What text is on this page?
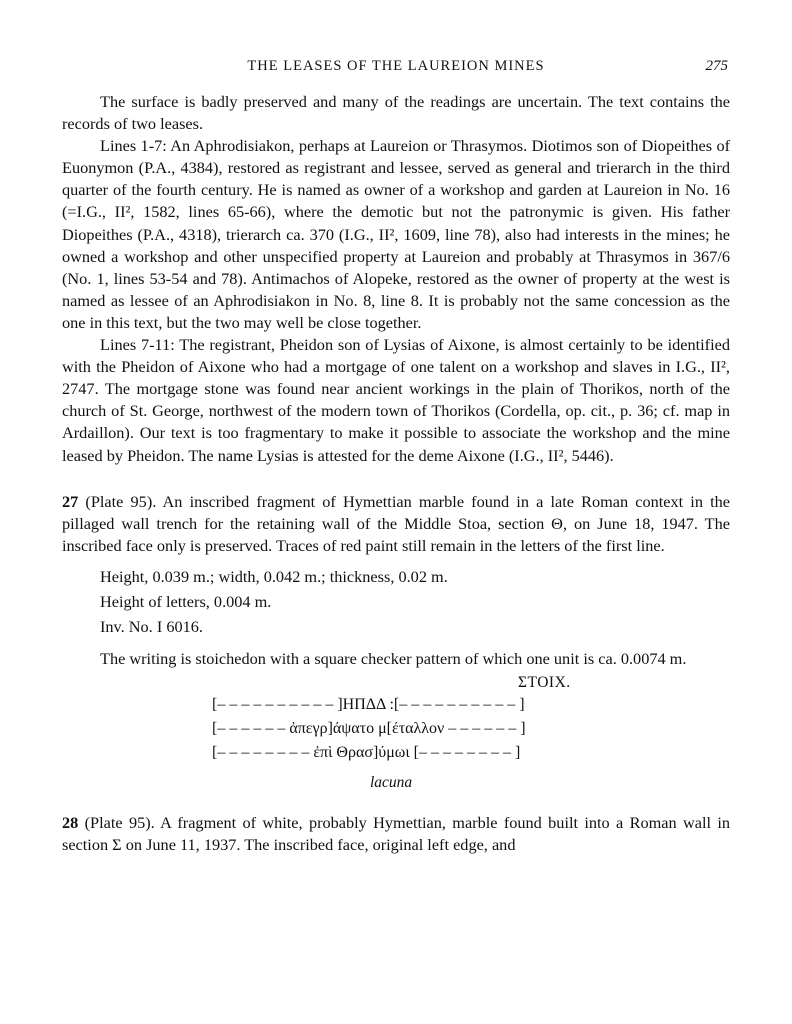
THE LEASES OF THE LAUREION MINES	275

The surface is badly preserved and many of the readings are uncertain. The text contains the records of two leases.

Lines 1-7: An Aphrodisiakon, perhaps at Laureion or Thrasymos. Diotimos son of Diopeithes of Euonymon (P.A., 4384), restored as registrant and lessee, served as general and trierarch in the third quarter of the fourth century. He is named as owner of a workshop and garden at Laureion in No. 16 (=I.G., II², 1582, lines 65-66), where the demotic but not the patronymic is given. His father Diopeithes (P.A., 4318), trierarch ca. 370 (I.G., II², 1609, line 78), also had interests in the mines; he owned a workshop and other unspecified property at Laureion and probably at Thrasymos in 367/6 (No. 1, lines 53-54 and 78). Antimachos of Alopeke, restored as the owner of property at the west is named as lessee of an Aphrodisiakon in No. 8, line 8. It is probably not the same concession as the one in this text, but the two may well be close together.

Lines 7-11: The registrant, Pheidon son of Lysias of Aixone, is almost certainly to be identified with the Pheidon of Aixone who had a mortgage of one talent on a workshop and slaves in I.G., II², 2747. The mortgage stone was found near ancient workings in the plain of Thorikos, north of the church of St. George, northwest of the modern town of Thorikos (Cordella, op. cit., p. 36; cf. map in Ardaillon). Our text is too fragmentary to make it possible to associate the workshop and the mine leased by Pheidon. The name Lysias is attested for the deme Aixone (I.G., II², 5446).

27 (Plate 95). An inscribed fragment of Hymettian marble found in a late Roman context in the pillaged wall trench for the retaining wall of the Middle Stoa, section Θ, on June 18, 1947. The inscribed face only is preserved. Traces of red paint still remain in the letters of the first line.

Height, 0.039 m.; width, 0.042 m.; thickness, 0.02 m.
Height of letters, 0.004 m.
Inv. No. I 6016.

The writing is stoichedon with a square checker pattern of which one unit is ca. 0.0074 m.

ΣΤΟΙΧ.
[– – – – – – – – – – ]ΗΠΔΔ :[– – – – – – – – – – ]
[– – – – – – ἀπεγρ]άψατο μ[έταλλον – – – – – – ]
[– – – – – – – – ἐπὶ Θρασ]ύμωι [– – – – – – – – ]
lacuna

28 (Plate 95). A fragment of white, probably Hymettian, marble found built into a Roman wall in section Σ on June 11, 1937. The inscribed face, original left edge, and
